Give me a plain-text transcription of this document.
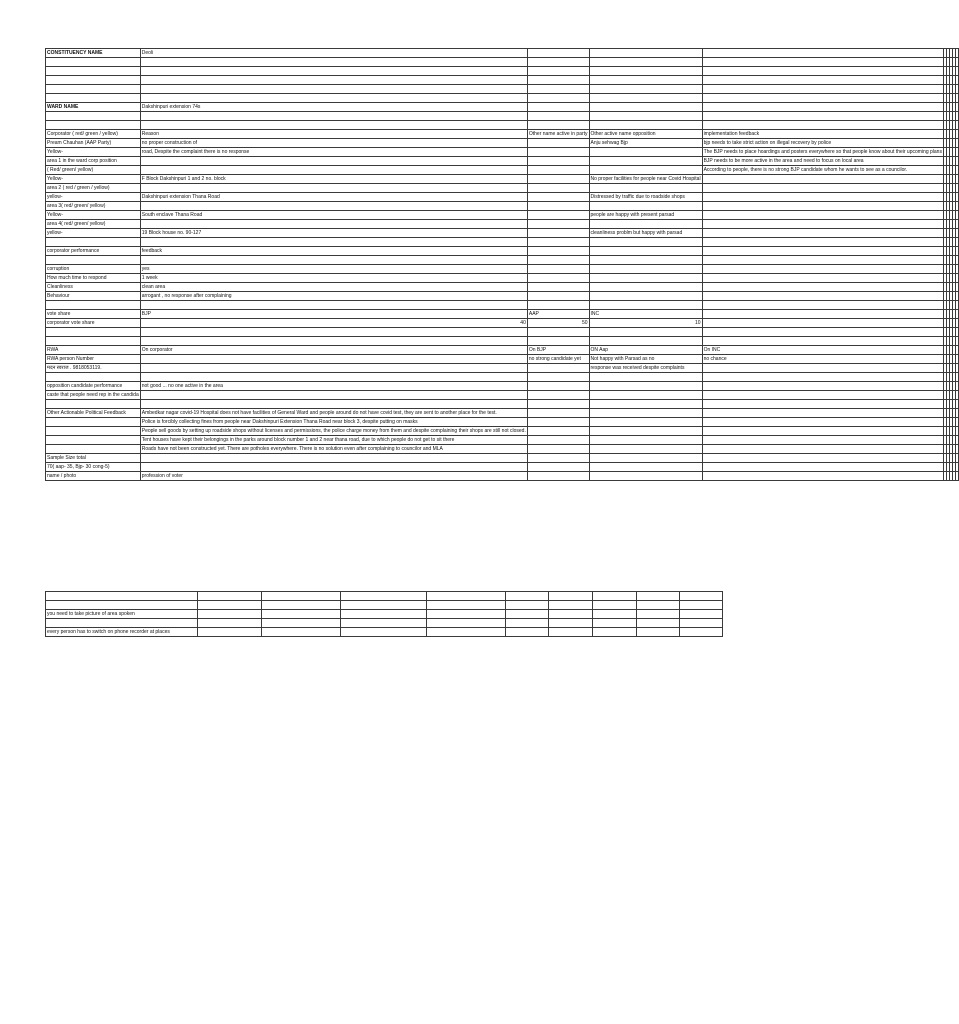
CONSTITUENCY NAME	Deoli								

WARD NAME	Dakshinpuri extension 74s								

Corporator ( red/ green / yellow)	Reason	Other name active in party	Other active name opposition	implementation feedback					
Pream Chauhan (AAP Party)	no proper construction of		Anju sehwag Bjp	bjp needs to take strict action on illegal recovery by police					
Yellow-	road, Despite the complaint there is no response			The BJP needs to place hoardings and posters everywhere so that people know about their upcoming plans					
area 1 in the ward corp position				BJP needs to be more active in the area and need to focus on local area					
( Red/ green/ yellow)				According to people, there is no strong BJP candidate whom he wants to see as a councilor.					
Yellow-	F Block Dakshinpuri 1 and 2 no. block		No proper facilities for people near Covid Hospital						
area 2 ( red / green / yellow)									
yellow-	Dakshinpuri extension Thana Road		Distressed by traffic due to roadside shops						
area 3( red/ green/ yellow)									
Yellow-	South enclave Thana Road		people are happy with present parsad						
area 4( red/ green/ yellow)									
yellow-	19 Block house no. 90-127		cleanliness problm but happy with parsad						

corporator performance	feedback								

corruption	yes								
How much time to respond	1 week								
Cleanliness	clean area								
Behaviour	arrogant , no response after complaining								

vote share	BJP	AAP	INC						
corporator vote share	40	50	10						

RWA	On corporator	On BJP	ON Aap	On INC					
RWA person Number		no strong candidate yet	Not happy with Parsad as no	no chance					
मदन स्वराज . 9818053119.			response was received despite complaints						

opposition candidate performance	not good ... no one active in the area								
caste that people need rep in the candida									

Other Actionable Political Feedback	Ambedkar nagar covid-19 Hospital does not have facilities of General Ward and people around do not have covid test, they are sent to another place for the test.								
	Police is forcibly collecting fines from people near Dakshinpuri Extension Thana Road near block 3, despite putting on masks								
	People sell goods by setting up roadside shops without licenses and permissions, the police charge money from them and despite complaining their shops are still not closed.								
	Tent houses have kept their belongings in the parks around block number 1 and 2 near thana road, due to which people do not get to sit there								
	Roads have not been constructed yet. There are potholes everywhere. There is no solution even after complaining to councilor and MLA								
Sample Size total									
70( aap- 35, Bjp- 30 cong-5)									
name / photo	profession of voter								

you need to take picture of area spoken									

every person has to switch on phone recorder at places									
